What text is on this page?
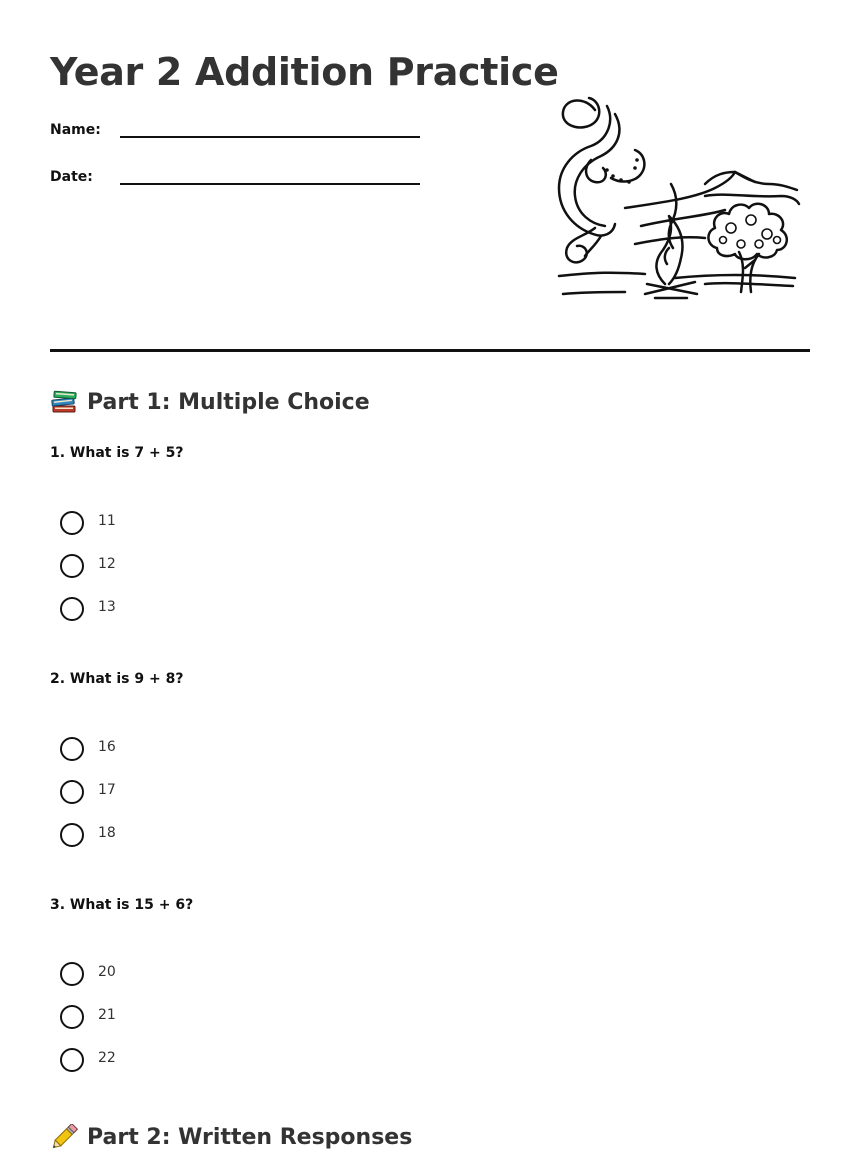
Year 2 Addition Practice
Name:
Date:
Part 1: Multiple Choice
1. What is 7 + 5?
11
12
13
2. What is 9 + 8?
16
17
18
3. What is 15 + 6?
20
21
22
Part 2: Written Responses
